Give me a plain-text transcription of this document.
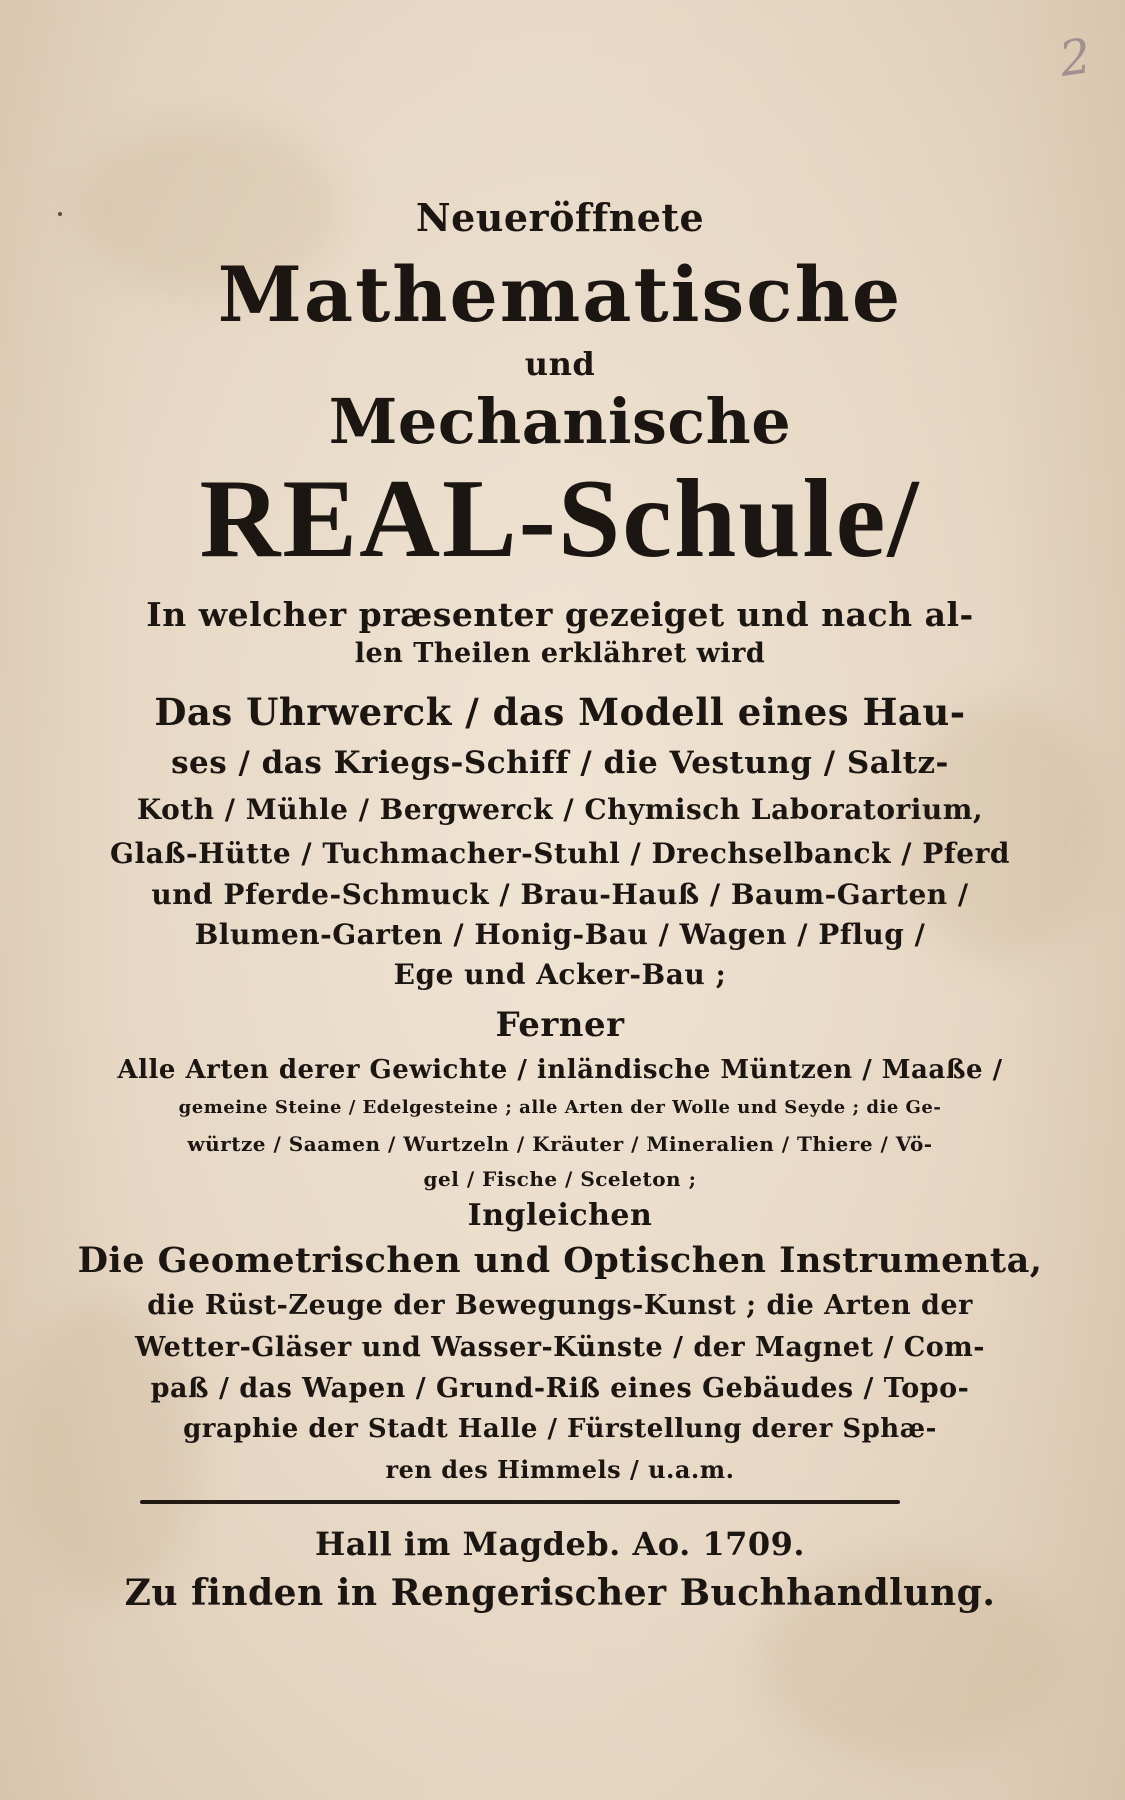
2
Neueröffnete
Mathematische
und
Mechanische
REAL-Schule/
In welcher præsenter gezeiget und nach al-
len Theilen erklähret wird
Das Uhrwerck / das Modell eines Hau-
ses / das Kriegs-Schiff / die Vestung / Saltz-
Koth / Mühle / Bergwerck / Chymisch Laboratorium,
Glaß-Hütte / Tuchmacher-Stuhl / Drechselbanck / Pferd
und Pferde-Schmuck / Brau-Hauß / Baum-Garten /
Blumen-Garten / Honig-Bau / Wagen / Pflug /
Ege und Acker-Bau ;
Ferner
Alle Arten derer Gewichte / inländische Müntzen / Maaße /
gemeine Steine / Edelgesteine ; alle Arten der Wolle und Seyde ; die Ge-
würtze / Saamen / Wurtzeln / Kräuter / Mineralien / Thiere / Vö-
gel / Fische / Sceleton ;
Ingleichen
Die Geometrischen und Optischen Instrumenta,
die Rüst-Zeuge der Bewegungs-Kunst ; die Arten der
Wetter-Gläser und Wasser-Künste / der Magnet / Com-
paß / das Wapen / Grund-Riß eines Gebäudes / Topo-
graphie der Stadt Halle / Fürstellung derer Sphæ-
ren des Himmels / u.a.m.
Hall im Magdeb. Ao. 1709.
Zu finden in Rengerischer Buchhandlung.
